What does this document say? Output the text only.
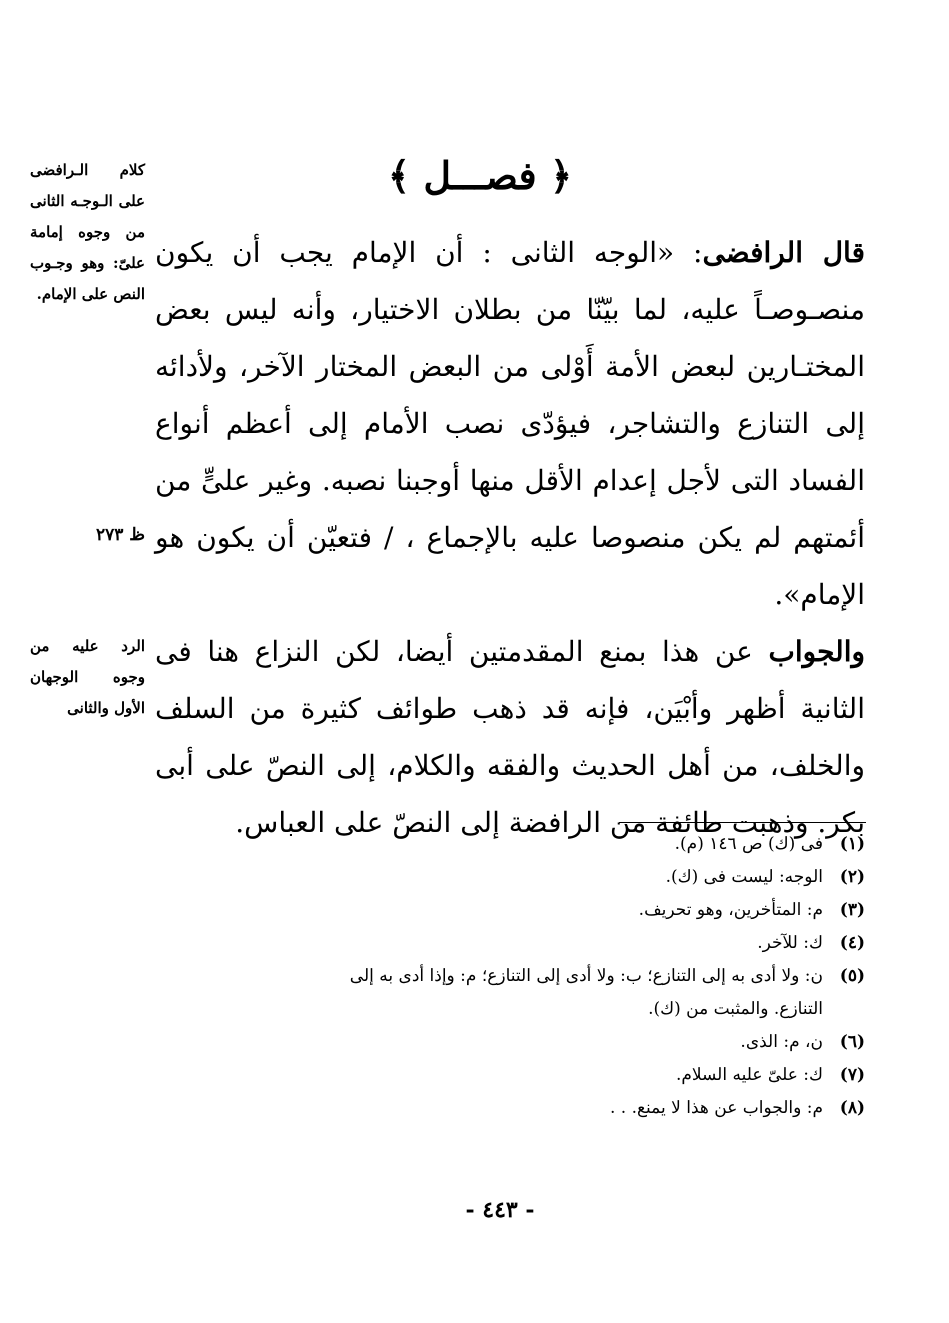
﴿ فصـــل ﴾
كلام الـرافضى على الـوجـه الثانى من وجوه إمامة علىّ: وهو وجـوب النص على الإمام.
ظ ٢٧٣
الرد عليه من وجوه الوجهان الأول والثانى

قال الرافضى: «الوجه الثانى : أن الإمام يجب أن يكون منصـوصـاً عليه، لما بيّنّا من بطلان الاختيار، وأنه ليس بعض المختـارين لبعض الأمة أَوْلى من البعض المختار الآخر، ولأدائه إلى التنازع والتشاجر، فيؤدّى نصب الأمام إلى أعظم أنواع الفساد التى لأجل إعدام الأقل منها أوجبنا نصبه. وغير علىٍّ من أئمتهم لم يكن منصوصا عليه بالإجماع ، / فتعيّن أن يكون هو الإمام».

والجواب عن هذا بمنع المقدمتين أيضا، لكن النزاع هنا فى الثانية أظهر وأبْيَن، فإنه قد ذهب طوائف كثيرة من السلف والخلف، من أهل الحديث والفقه والكلام، إلى النصّ على أبى بكر. وذهبت طائفة من الرافضة إلى النصّ على العباس.

(١)
فى (ك) ص ١٤٦ (م).
(٢)
الوجه: ليست فى (ك).
(٣)
م: المتأخرين، وهو تحريف.
(٤)
ك: للآخر.
(٥)
ن: ولا أدى به إلى التنازع؛ ب: ولا أدى إلى التنازع؛ م: وإذا أدى به إلى التنازع. والمثبت من (ك).
(٦)
ن، م: الذى.
(٧)
ك: علىّ عليه السلام.
(٨)
م: والجواب عن هذا لا يمنع. . .
- ٤٤٣ -
